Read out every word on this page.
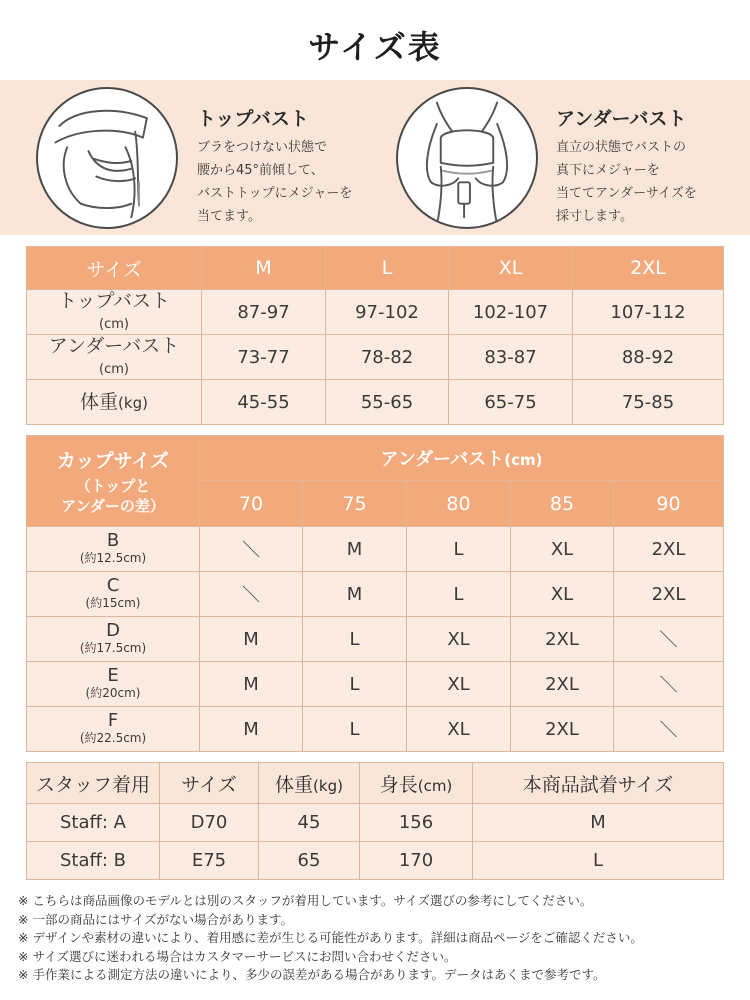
サイズ表
トップバスト
ブラをつけない状態で
腰から45°前傾して、
バストトップにメジャーを
当てます。
アンダーバスト
直立の状態でバストの
真下にメジャーを
当ててアンダーサイズを
採寸します。
サイズ	M	L	XL	2XL
トップバスト
(cm)	87-97	97-102	102-107	107-112
アンダーバスト
(cm)	73-77	78-82	83-87	88-92
体重(kg)	45-55	55-65	65-75	75-85
カップサイズ
（トップと
アンダーの差）	アンダーバスト(cm)				
	70	75	80	85	90

B
(約12.5cm)	＼	M	L	XL	2XL

C
(約15cm)	＼	M	L	XL	2XL

D
(約17.5cm)	M	L	XL	2XL	＼

E
(約20cm)	M	L	XL	2XL	＼

F
(約22.5cm)	M	L	XL	2XL	＼
スタッフ着用	サイズ	体重(kg)	身長(cm)	本商品試着サイズ
Staff: A	D70	45	156	M
Staff: B	E75	65	170	L
※ こちらは商品画像のモデルとは別のスタッフが着用しています。サイズ選びの参考にしてください。
※ 一部の商品にはサイズがない場合があります。
※ デザインや素材の違いにより、着用感に差が生じる可能性があります。詳細は商品ページをご確認ください。
※ サイズ選びに迷われる場合はカスタマーサービスにお問い合わせください。
※ 手作業による測定方法の違いにより、多少の誤差がある場合があります。データはあくまで参考です。
